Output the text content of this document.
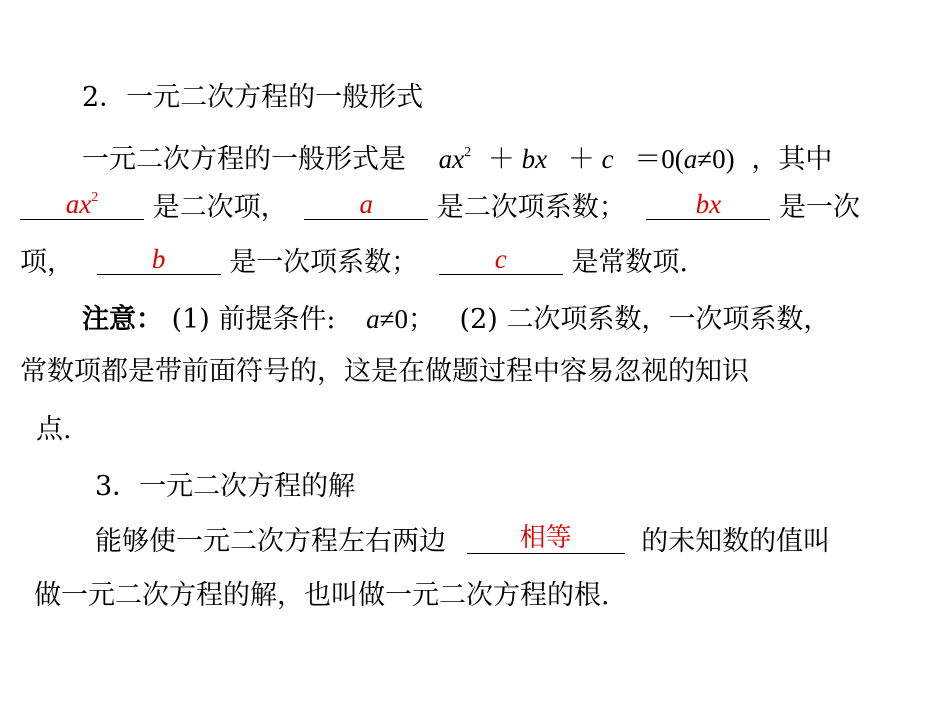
2．一元二次方程的一般形式
一元二次方程的一般形式是 $ax^2$ ＋ bx ＋ c ＝0(a≠0) ，其中
$ax^2$	是二次项，	a	是二次项系数；	bx	是一次
项，	b	是一次项系数；	c	是常数项.
注意： (1) 前提条件: a≠0； (2) 二次项系数，一次项系数，
常数项都是带前面符号的，这是在做题过程中容易忽视的知识
点.
3．一元二次方程的解
能够使一元二次方程左右两边	相等	的未知数的值叫
做一元二次方程的解，也叫做一元二次方程的根.
